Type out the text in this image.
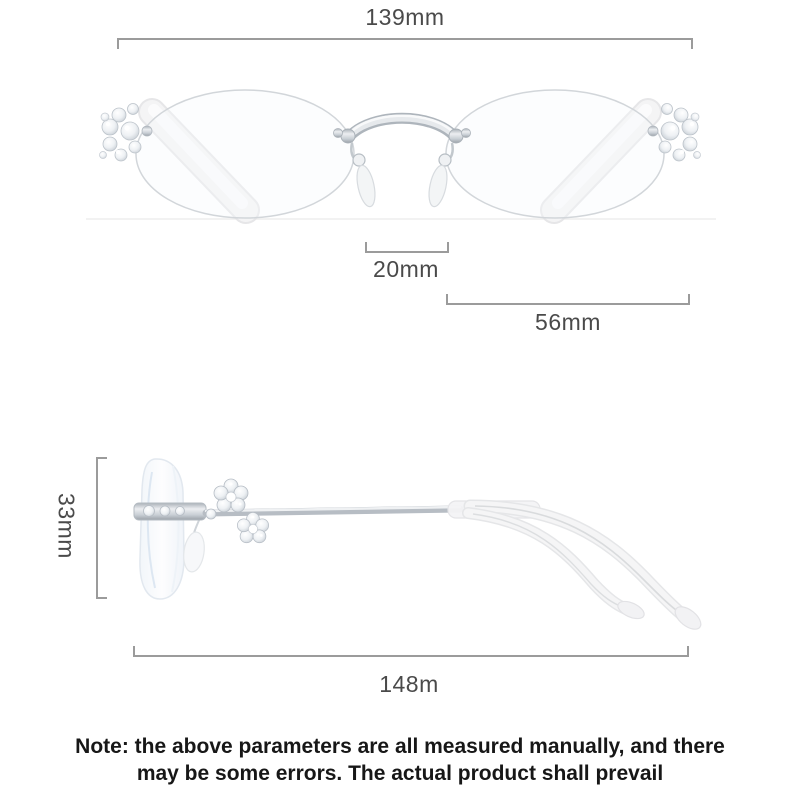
139mm
20mm
56mm
33mm
148m
Note: the above parameters are all measured manually, and there
may be some errors. The actual product shall prevail
